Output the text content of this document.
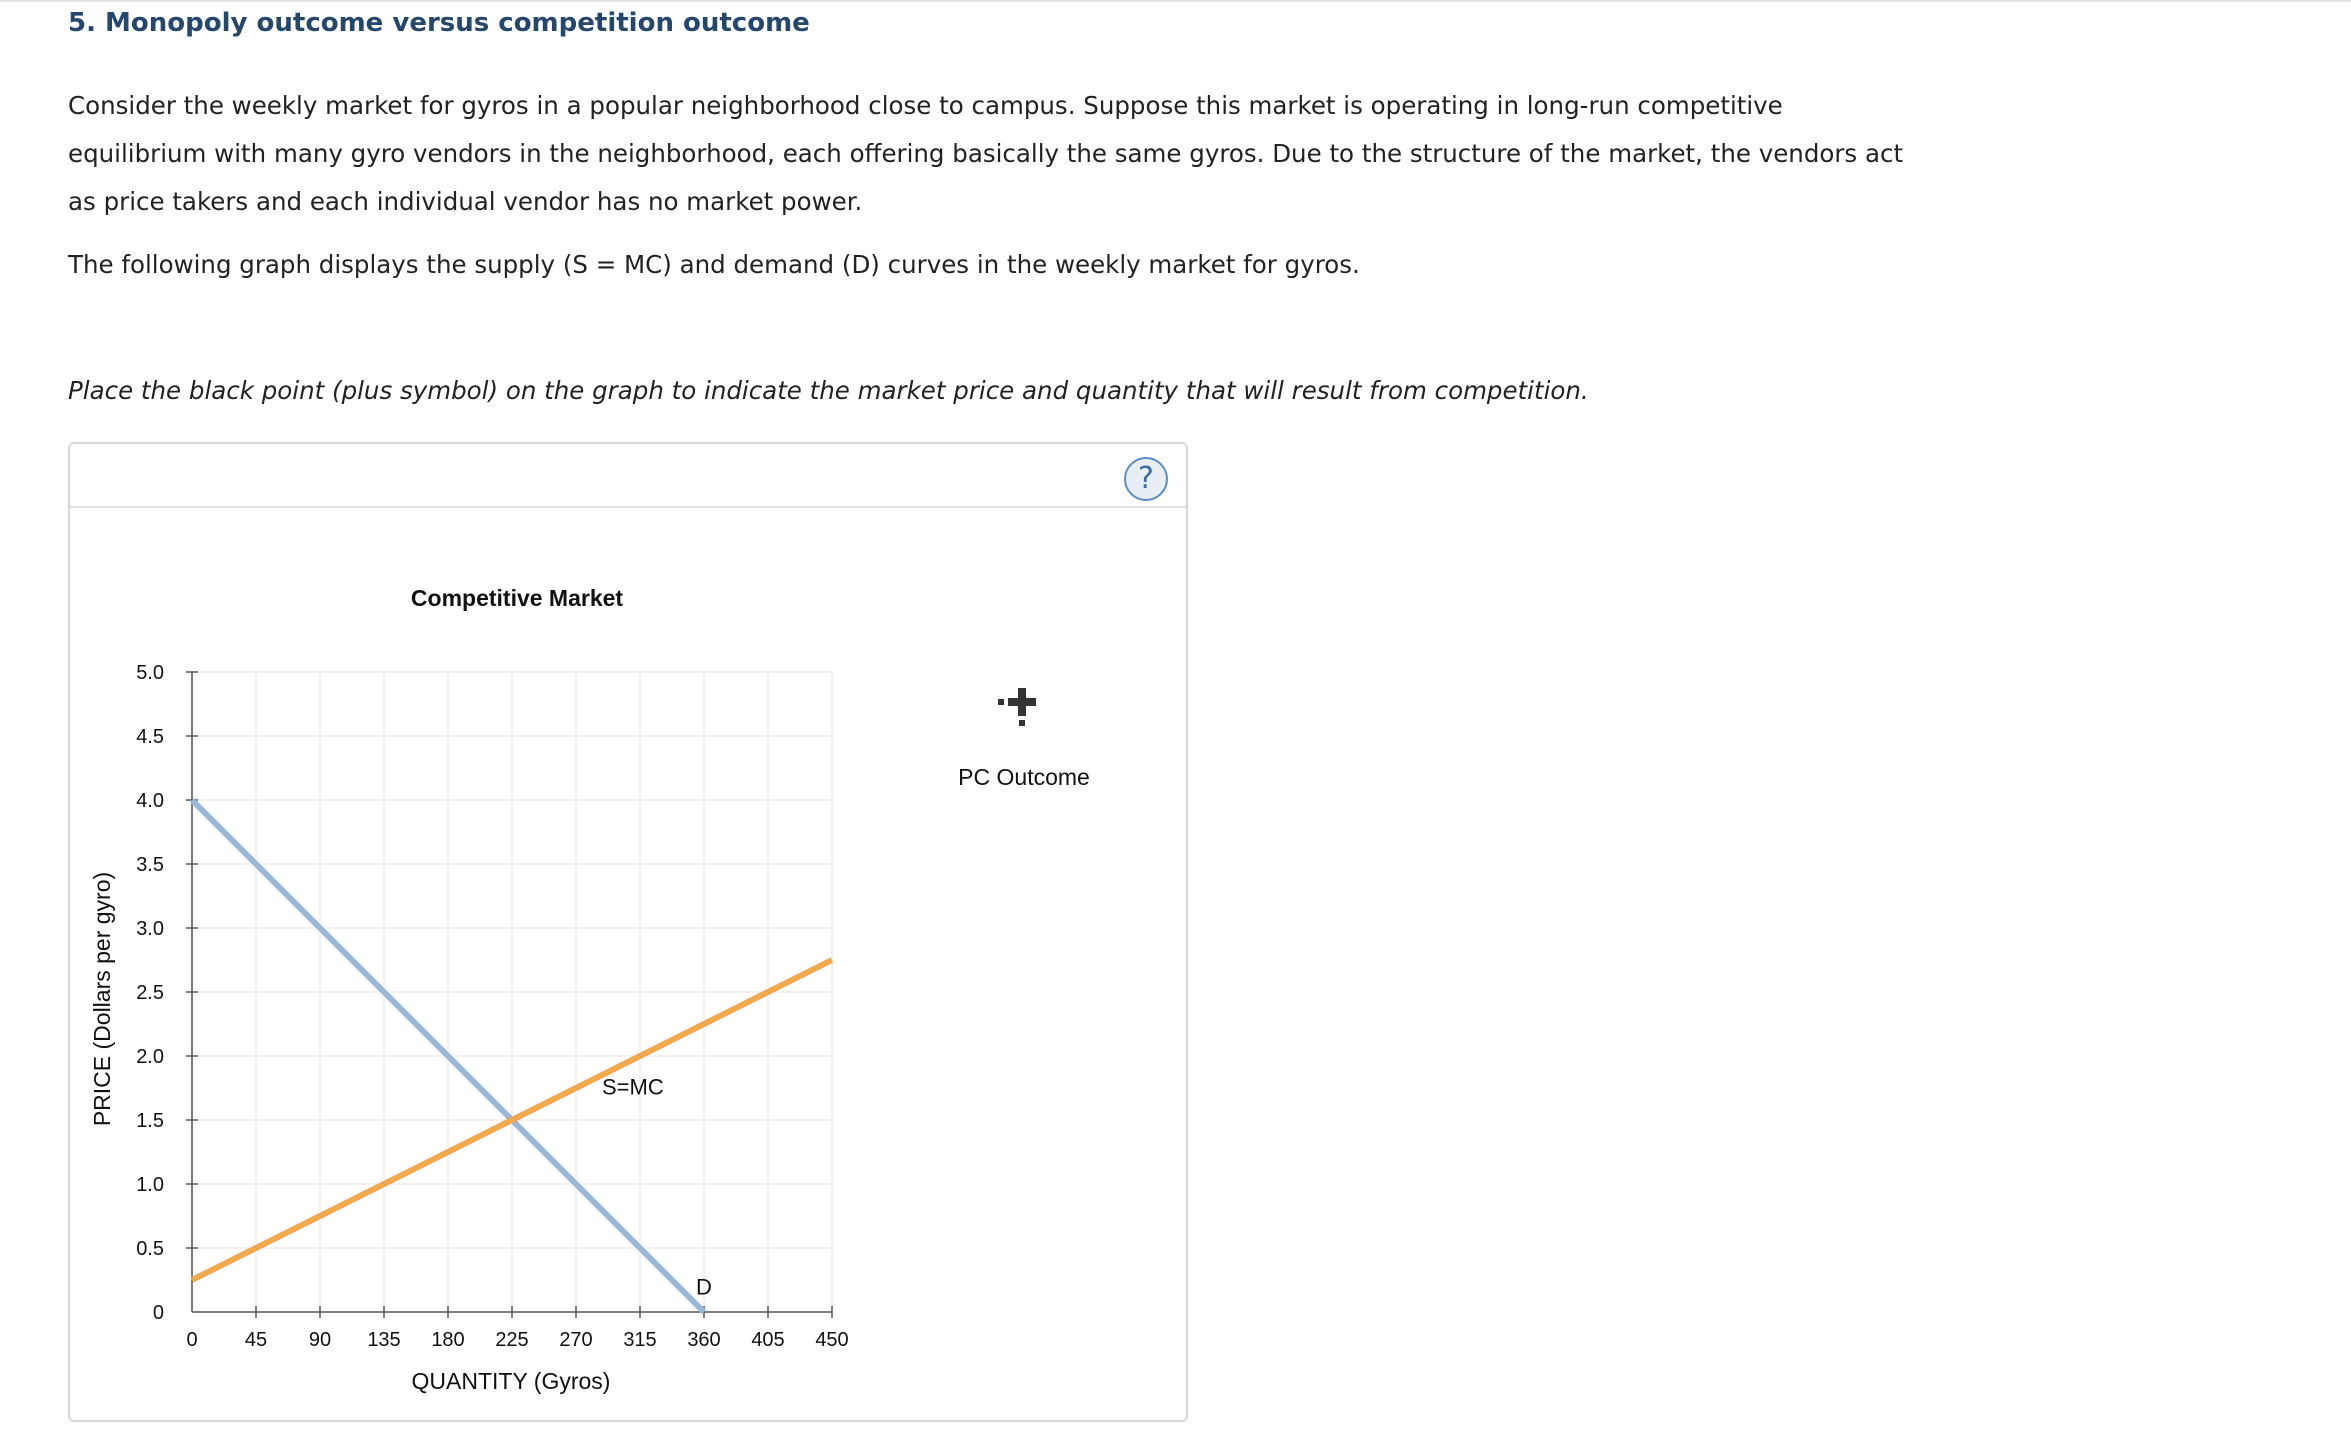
5. Monopoly outcome versus competition outcome
Consider the weekly market for gyros in a popular neighborhood close to campus. Suppose this market is operating in long-run competitive equilibrium with many gyro vendors in the neighborhood, each offering basically the same gyros. Due to the structure of the market, the vendors act as price takers and each individual vendor has no market power.
The following graph displays the supply (S = MC) and demand (D) curves in the weekly market for gyros.
Place the black point (plus symbol) on the graph to indicate the market price and quantity that will result from competition.
?
0
0.5
1.0
1.5
2.0
2.5
3.0
3.5
4.0
4.5
5.0
0 45 90 135 180 225 270 315 360 405 450
D
S=MC
Competitive Market
QUANTITY (Gyros)
PRICE (Dollars per gyro)
PC Outcome
